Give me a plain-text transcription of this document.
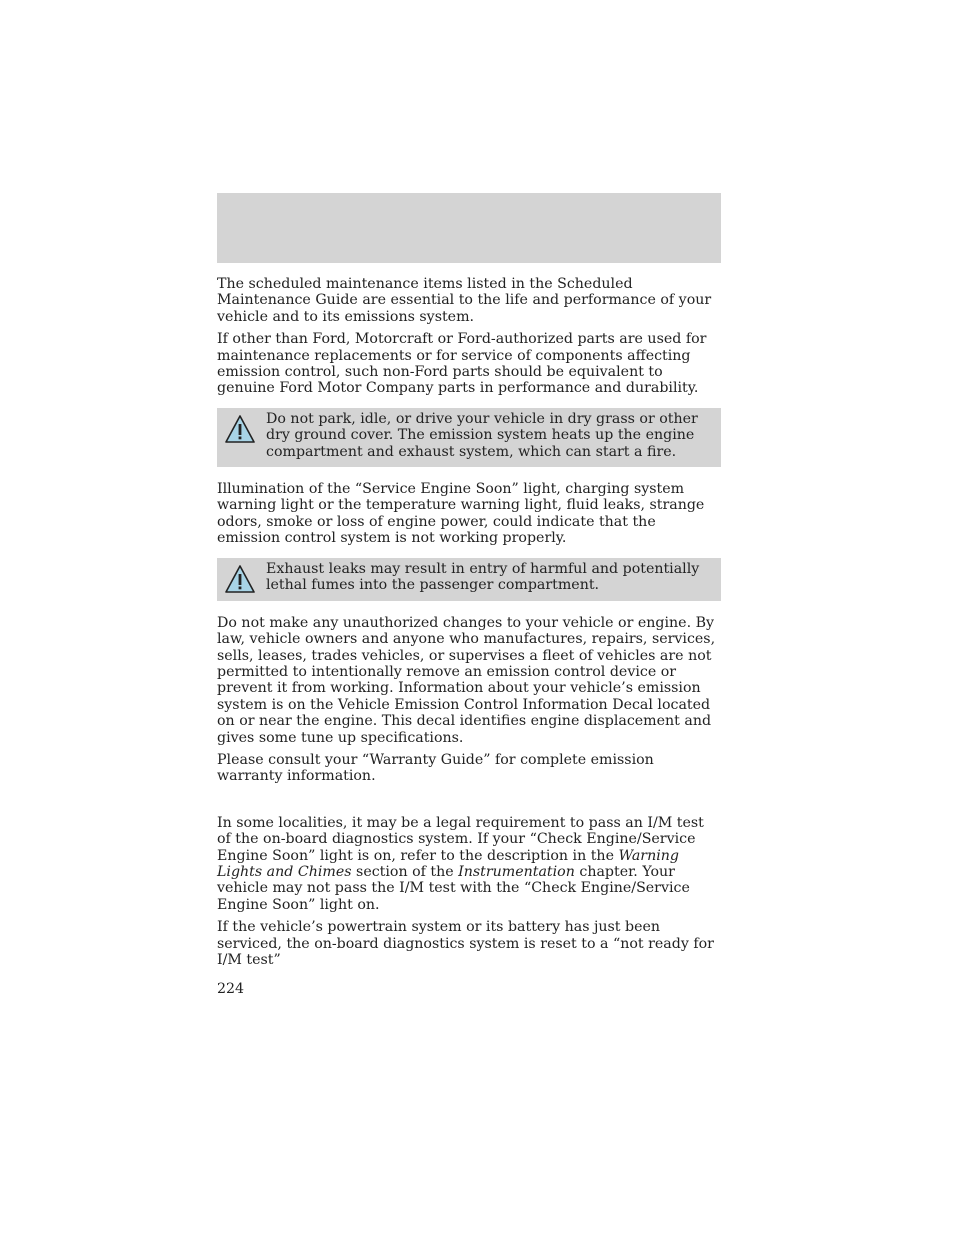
The scheduled maintenance items listed in the Scheduled Maintenance Guide are essential to the life and performance of your vehicle and to its emissions system.

If other than Ford, Motorcraft or Ford-authorized parts are used for maintenance replacements or for service of components affecting emission control, such non-Ford parts should be equivalent to genuine Ford Motor Company parts in performance and durability.

Do not park, idle, or drive your vehicle in dry grass or other dry ground cover. The emission system heats up the engine compartment and exhaust system, which can start a fire.

Illumination of the “Service Engine Soon” light, charging system warning light or the temperature warning light, fluid leaks, strange odors, smoke or loss of engine power, could indicate that the emission control system is not working properly.

Exhaust leaks may result in entry of harmful and potentially lethal fumes into the passenger compartment.

Do not make any unauthorized changes to your vehicle or engine. By law, vehicle owners and anyone who manufactures, repairs, services, sells, leases, trades vehicles, or supervises a fleet of vehicles are not permitted to intentionally remove an emission control device or prevent it from working. Information about your vehicle’s emission system is on the Vehicle Emission Control Information Decal located on or near the engine. This decal identifies engine displacement and gives some tune up specifications.

Please consult your “Warranty Guide” for complete emission warranty information.

In some localities, it may be a legal requirement to pass an I/M test of the on-board diagnostics system. If your “Check Engine/Service Engine Soon” light is on, refer to the description in the Warning Lights and Chimes section of the Instrumentation chapter. Your vehicle may not pass the I/M test with the “Check Engine/Service Engine Soon” light on.

If the vehicle’s powertrain system or its battery has just been serviced, the on-board diagnostics system is reset to a “not ready for I/M test”

224
